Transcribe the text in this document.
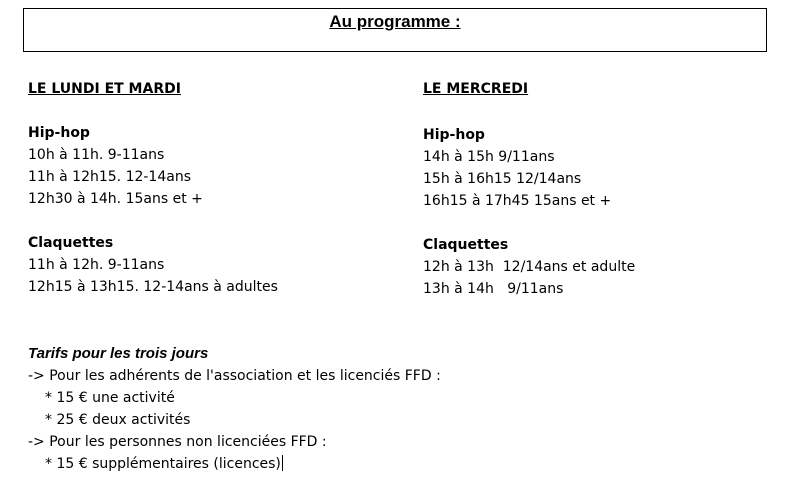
Au programme :
LE LUNDI ET MARDI
Hip-hop
10h à 11h. 9-11ans
11h à 12h15. 12-14ans
12h30 à 14h. 15ans et +
Claquettes
11h à 12h. 9-11ans
12h15 à 13h15. 12-14ans à adultes
LE MERCREDI
Hip-hop
14h à 15h 9/11ans
15h à 16h15 12/14ans
16h15 à 17h45 15ans et +
Claquettes
12h à 13h  12/14ans et adulte
13h à 14h   9/11ans
Tarifs pour les trois jours
-> Pour les adhérents de l'association et les licenciés FFD :
* 15 € une activité
* 25 € deux activités
-> Pour les personnes non licenciées FFD :
* 15 € supplémentaires (licences)
